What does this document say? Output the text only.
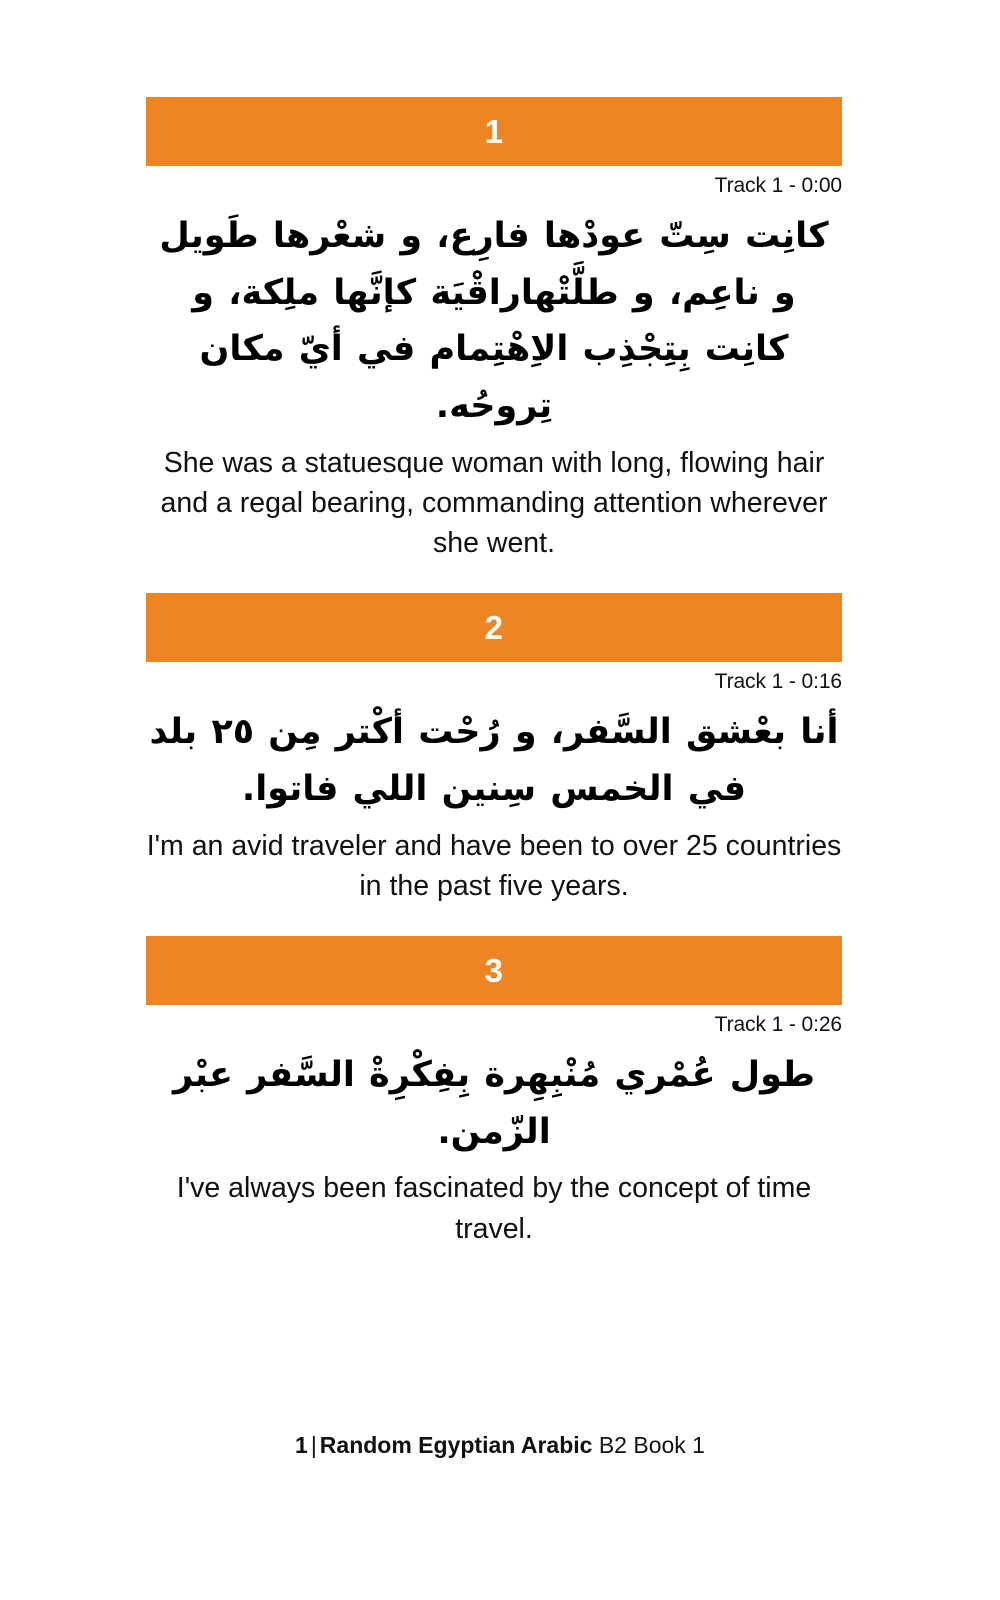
1
Track 1 - 0:00
كانِت سِتّ عودْها فارِع، و شعْرها طَويل و ناعِم، و طلَّتْهاراقْيَة كإنَّها ملِكة، و كانِت بِتِجْذِب الاِهْتِمام في أيّ مكان تِروحُه.
She was a statuesque woman with long, flowing hair and a regal bearing, commanding attention wherever she went.
2
Track 1 - 0:16
أنا بعْشق السَّفر، و رُحْت أكْتر مِن ٢٥ بلد في الخمس سِنين اللي فاتوا.
I'm an avid traveler and have been to over 25 countries in the past five years.
3
Track 1 - 0:26
طول عُمْري مُنْبِهِرة بِفِكْرِةْ السَّفر عبْر الزّمن.
I've always been fascinated by the concept of time travel.
1 | Random Egyptian Arabic B2 Book 1
